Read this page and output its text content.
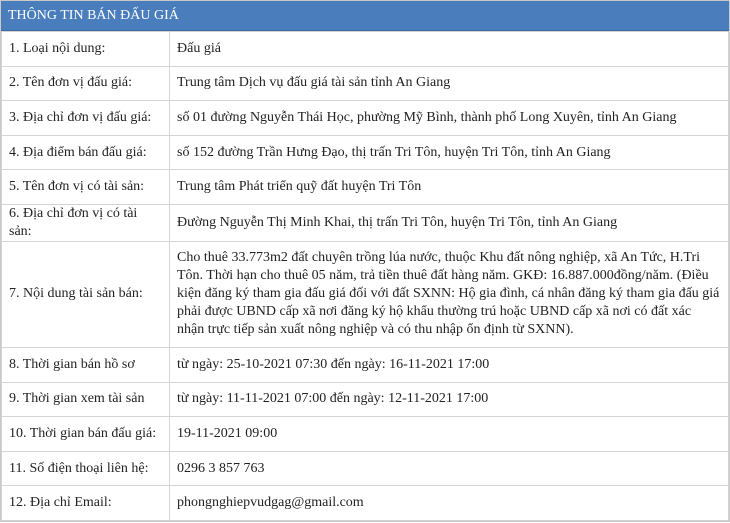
THÔNG TIN BÁN ĐẤU GIÁ
1. Loại nội dung:	Đấu giá
2. Tên đơn vị đấu giá:	Trung tâm Dịch vụ đấu giá tài sản tỉnh An Giang
3. Địa chỉ đơn vị đấu giá:	số 01 đường Nguyễn Thái Học, phường Mỹ Bình, thành phố Long Xuyên, tỉnh An Giang
4. Địa điểm bán đấu giá:	số 152 đường Trần Hưng Đạo, thị trấn Tri Tôn, huyện Tri Tôn, tỉnh An Giang
5. Tên đơn vị có tài sản:	Trung tâm Phát triển quỹ đất huyện Tri Tôn
6. Địa chỉ đơn vị có tài sản:	Đường Nguyễn Thị Minh Khai, thị trấn Tri Tôn, huyện Tri Tôn, tỉnh An Giang
7. Nội dung tài sản bán:	Cho thuê 33.773m2 đất chuyên trồng lúa nước, thuộc Khu đất nông nghiệp, xã An Tức, H.Tri Tôn. Thời hạn cho thuê 05 năm, trả tiền thuê đất hàng năm. GKĐ: 16.887.000đồng/năm. (Điều kiện đăng ký tham gia đấu giá đối với đất SXNN: Hộ gia đình, cá nhân đăng ký tham gia đấu giá phải được UBND cấp xã nơi đăng ký hộ khẩu thường trú hoặc UBND cấp xã nơi có đất xác nhận trực tiếp sản xuất nông nghiệp và có thu nhập ổn định từ SXNN).
8. Thời gian bán hồ sơ	từ ngày: 25-10-2021 07:30 đến ngày: 16-11-2021 17:00
9. Thời gian xem tài sản	từ ngày: 11-11-2021 07:00 đến ngày: 12-11-2021 17:00
10. Thời gian bán đấu giá:	19-11-2021 09:00
11. Số điện thoại liên hệ:	0296 3 857 763
12. Địa chỉ Email:	phongnghiepvudgag@gmail.com
